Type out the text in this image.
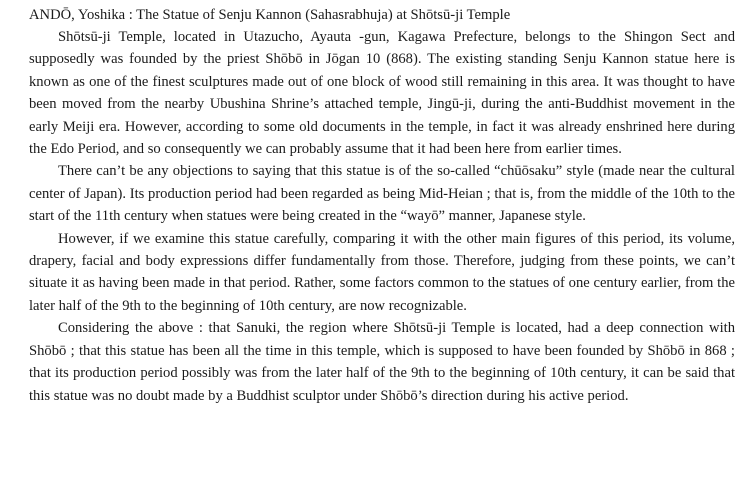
ANDŌ, Yoshika : The Statue of Senju Kannon (Sahasrabhuja) at Shōtsū-ji Temple

Shōtsū-ji Temple, located in Utazucho, Ayauta -gun, Kagawa Prefecture, belongs to the Shingon Sect and supposedly was founded by the priest Shōbō in Jōgan 10 (868). The existing standing Senju Kannon statue here is known as one of the finest sculptures made out of one block of wood still remaining in this area. It was thought to have been moved from the nearby Ubushina Shrine’s attached temple, Jingū-ji, during the anti-Buddhist movement in the early Meiji era. However, according to some old documents in the temple, in fact it was already enshrined here during the Edo Period, and so consequently we can probably assume that it had been here from earlier times.

There can’t be any objections to saying that this statue is of the so-called “chūōsaku” style (made near the cultural center of Japan). Its production period had been regarded as being Mid-Heian ; that is, from the middle of the 10th to the start of the 11th century when statues were being created in the “wayō” manner, Japanese style.

However, if we examine this statue carefully, comparing it with the other main figures of this period, its volume, drapery, facial and body expressions differ fundamentally from those. Therefore, judging from these points, we can’t situate it as having been made in that period. Rather, some factors common to the statues of one century earlier, from the later half of the 9th to the beginning of 10th century, are now recognizable.

Considering the above : that Sanuki, the region where Shōtsū-ji Temple is located, had a deep connection with Shōbō ; that this statue has been all the time in this temple, which is supposed to have been founded by Shōbō in 868 ; that its production period possibly was from the later half of the 9th to the beginning of 10th century, it can be said that this statue was no doubt made by a Buddhist sculptor under Shōbō’s direction during his active period.
